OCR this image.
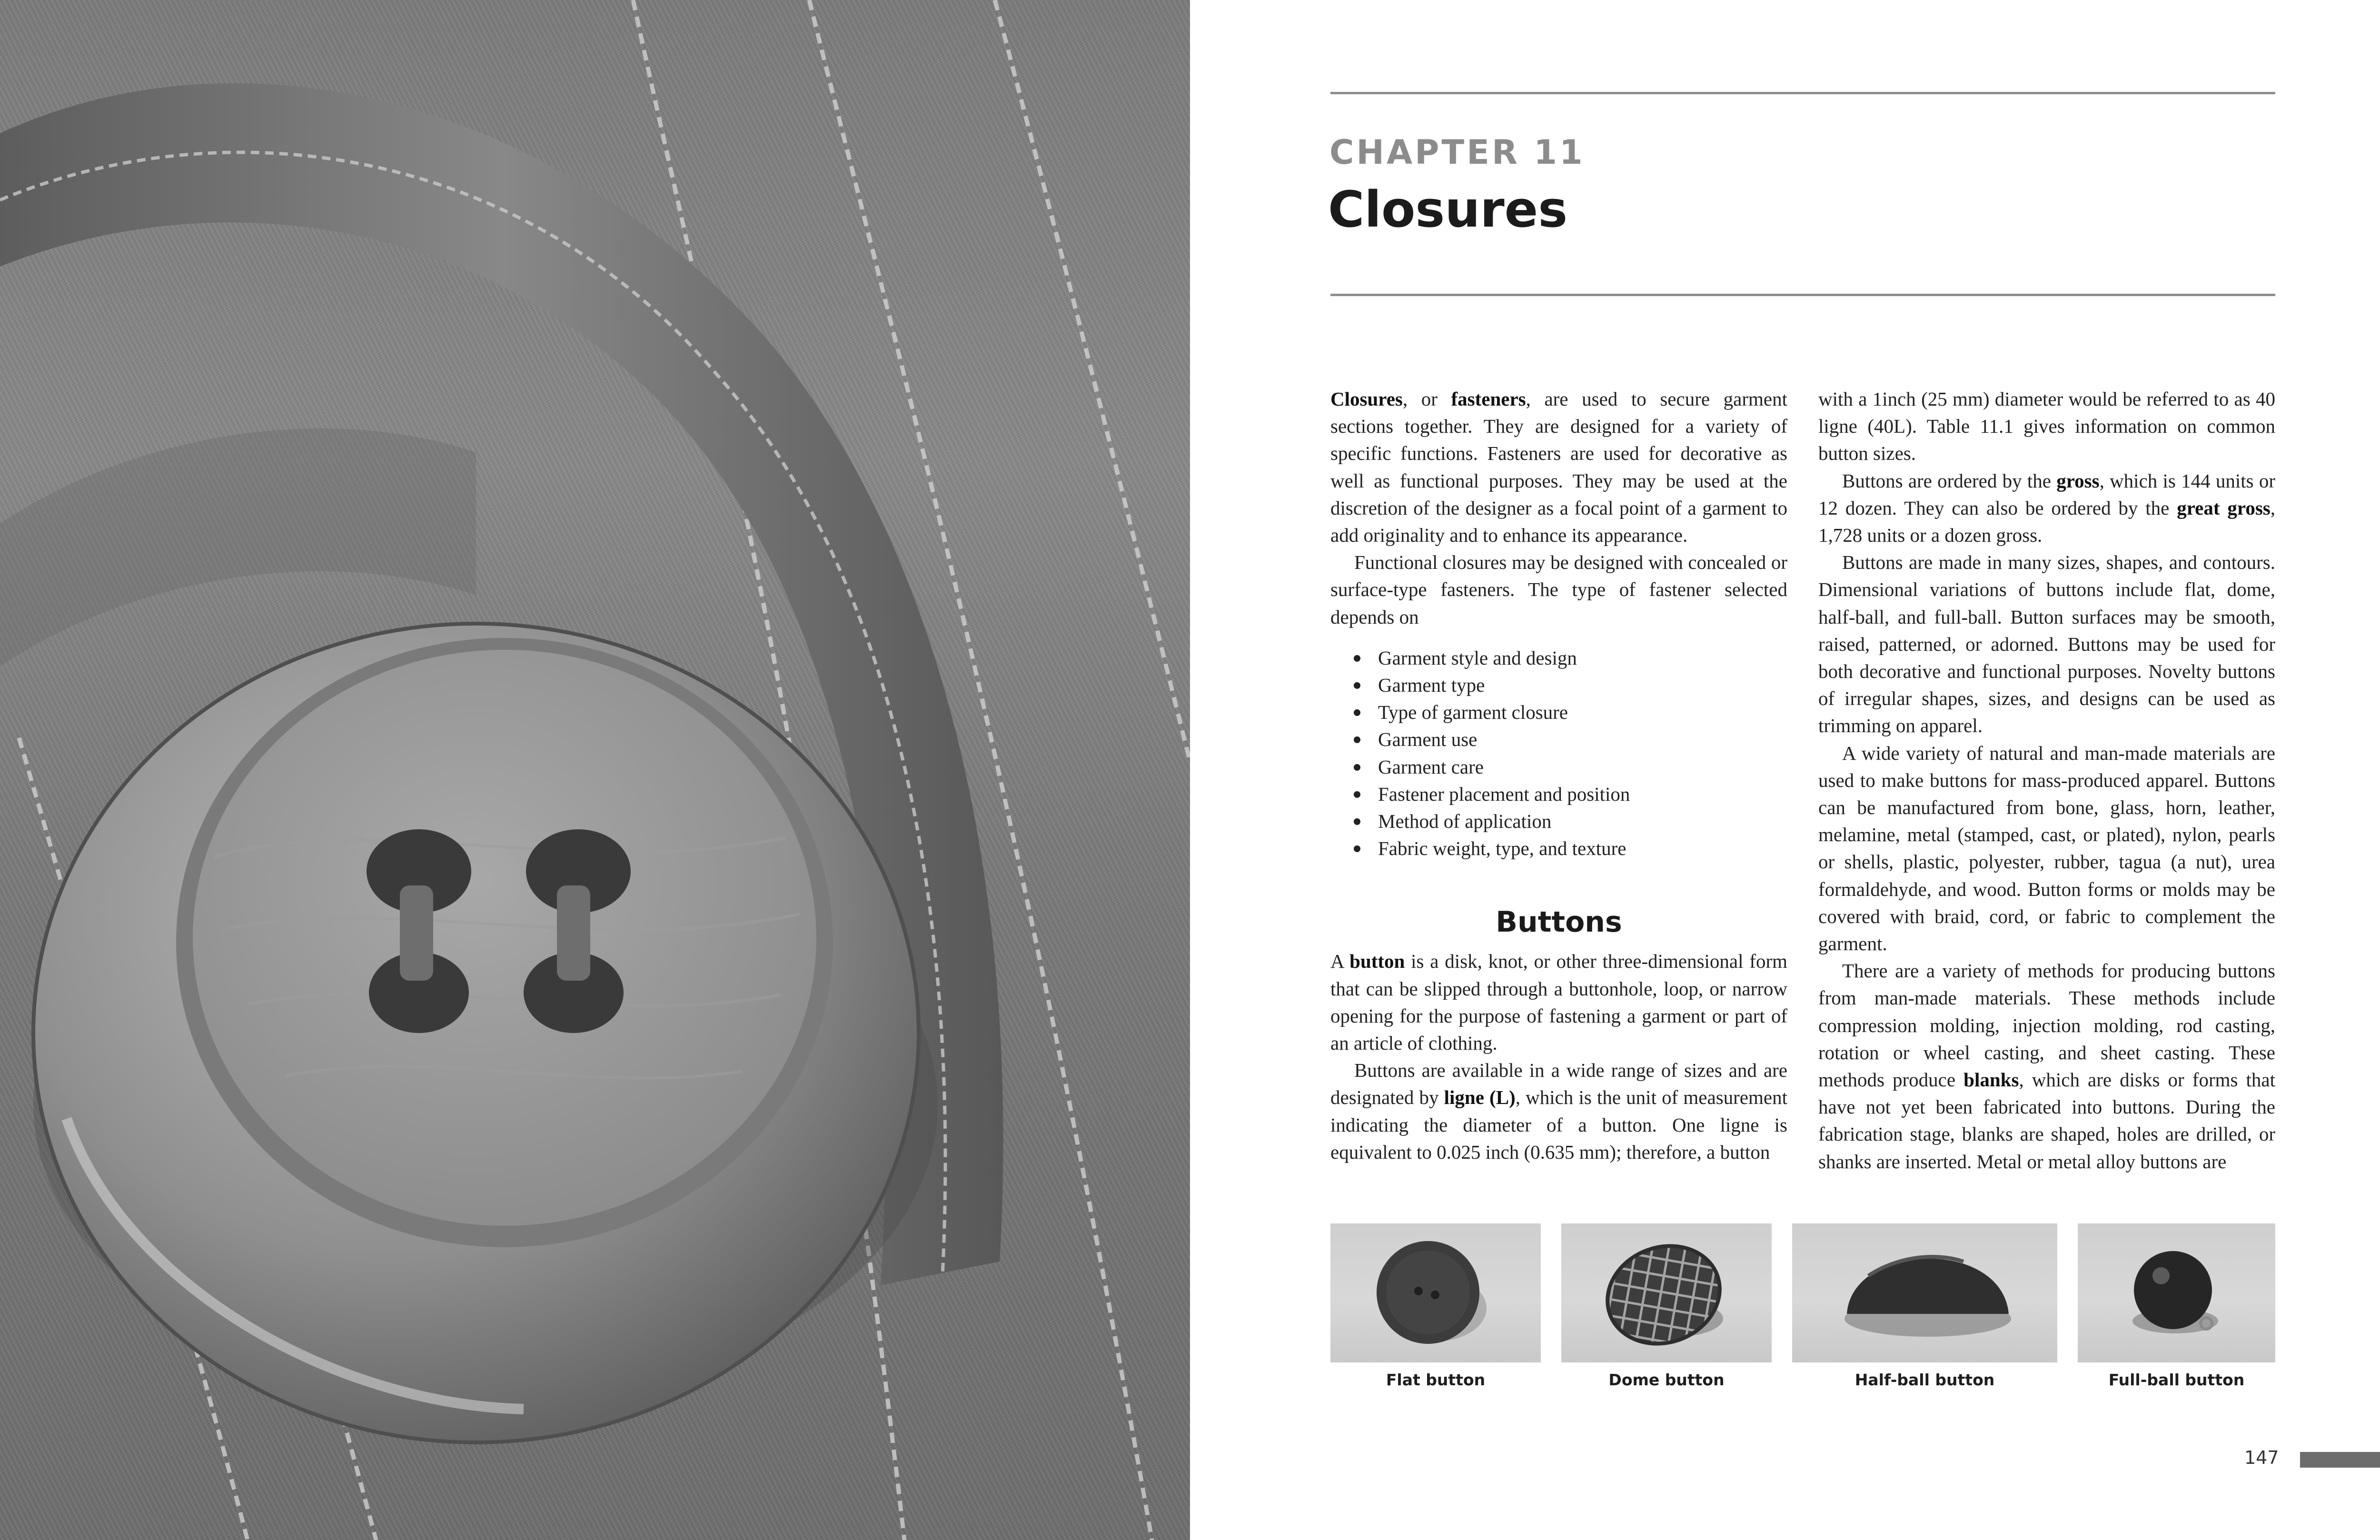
CHAPTER 11
Closures

Closures, or fasteners, are used to secure garment sections together. They are designed for a variety of specific functions. Fasteners are used for decorative as well as functional purposes. They may be used at the discretion of the designer as a focal point of a garment to add originality and to enhance its appearance.

Functional closures may be designed with concealed or surface-type fasteners. The type of fastener selected depends on

Garment style and design
Garment type
Type of garment closure
Garment use
Garment care
Fastener placement and position
Method of application
Fabric weight, type, and texture
Buttons

A button is a disk, knot, or other three-dimensional form that can be slipped through a buttonhole, loop, or narrow opening for the purpose of fastening a garment or part of an article of clothing.

Buttons are available in a wide range of sizes and are designated by ligne (L), which is the unit of measurement indicating the diameter of a button. One ligne is equivalent to 0.025 inch (0.635 mm); therefore, a button

with a 1inch (25 mm) diameter would be referred to as 40 ligne (40L). Table 11.1 gives information on common button sizes.

Buttons are ordered by the gross, which is 144 units or 12 dozen. They can also be ordered by the great gross, 1,728 units or a dozen gross.

Buttons are made in many sizes, shapes, and contours. Dimensional variations of buttons include flat, dome, half-ball, and full-ball. Button surfaces may be smooth, raised, patterned, or adorned. Buttons may be used for both decorative and functional purposes. Novelty buttons of irregular shapes, sizes, and designs can be used as trimming on apparel.

A wide variety of natural and man-made materials are used to make buttons for mass-produced apparel. Buttons can be manufactured from bone, glass, horn, leather, melamine, metal (stamped, cast, or plated), nylon, pearls or shells, plastic, polyester, rubber, tagua (a nut), urea formaldehyde, and wood. Button forms or molds may be covered with braid, cord, or fabric to complement the garment.

There are a variety of methods for producing buttons from man-made materials. These methods include compression molding, injection molding, rod casting, rotation or wheel casting, and sheet casting. These methods produce blanks, which are disks or forms that have not yet been fabricated into buttons. During the fabrication stage, blanks are shaped, holes are drilled, or shanks are inserted. Metal or metal alloy buttons are

Flat button	Dome button	Half-ball button	Full-ball button

147
